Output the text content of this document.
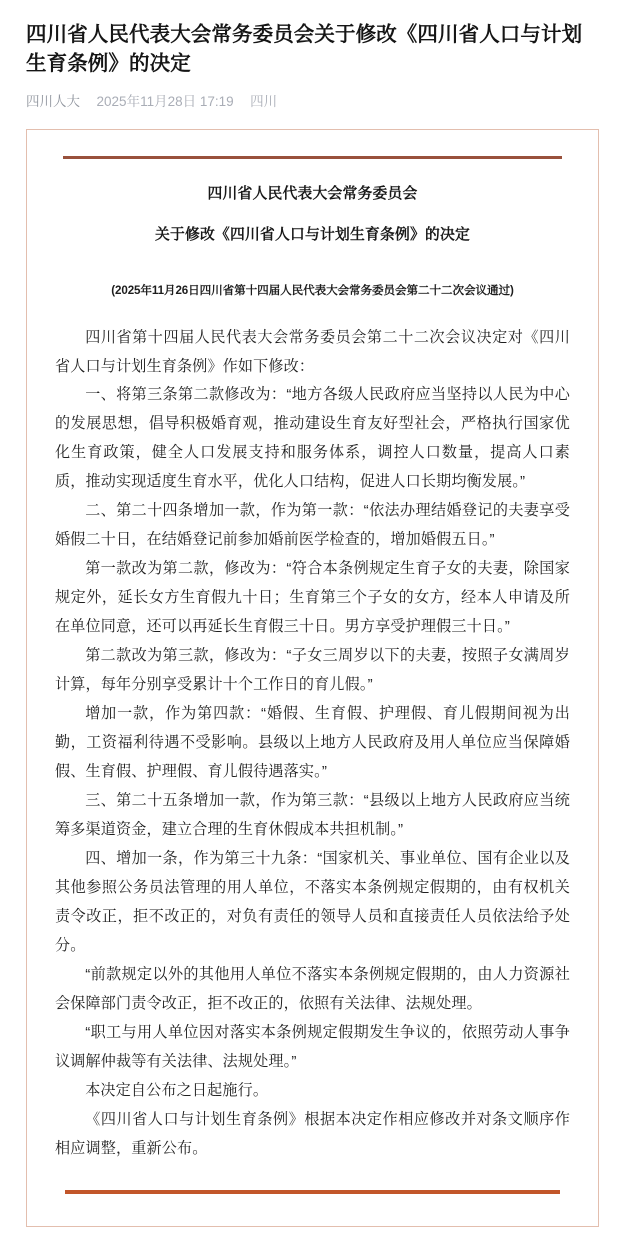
四川省人民代表大会常务委员会关于修改《四川省人口与计划生育条例》的决定
四川人大 2025年11月28日 17:19 四川
四川省人民代表大会常务委员会
关于修改《四川省人口与计划生育条例》的决定
(2025年11月26日四川省第十四届人民代表大会常务委员会第二十二次会议通过)

四川省第十四届人民代表大会常务委员会第二十二次会议决定对《四川省人口与计划生育条例》作如下修改：

一、将第三条第二款修改为：“地方各级人民政府应当坚持以人民为中心的发展思想，倡导积极婚育观，推动建设生育友好型社会，严格执行国家优化生育政策，健全人口发展支持和服务体系，调控人口数量，提高人口素质，推动实现适度生育水平，优化人口结构，促进人口长期均衡发展。”

二、第二十四条增加一款，作为第一款：“依法办理结婚登记的夫妻享受婚假二十日，在结婚登记前参加婚前医学检查的，增加婚假五日。”

第一款改为第二款，修改为：“符合本条例规定生育子女的夫妻，除国家规定外，延长女方生育假九十日；生育第三个子女的女方，经本人申请及所在单位同意，还可以再延长生育假三十日。男方享受护理假三十日。”

第二款改为第三款，修改为：“子女三周岁以下的夫妻，按照子女满周岁计算，每年分别享受累计十个工作日的育儿假。”

增加一款，作为第四款：“婚假、生育假、护理假、育儿假期间视为出勤，工资福利待遇不受影响。县级以上地方人民政府及用人单位应当保障婚假、生育假、护理假、育儿假待遇落实。”

三、第二十五条增加一款，作为第三款：“县级以上地方人民政府应当统筹多渠道资金，建立合理的生育休假成本共担机制。”

四、增加一条，作为第三十九条：“国家机关、事业单位、国有企业以及其他参照公务员法管理的用人单位，不落实本条例规定假期的，由有权机关责令改正，拒不改正的，对负有责任的领导人员和直接责任人员依法给予处分。

“前款规定以外的其他用人单位不落实本条例规定假期的，由人力资源社会保障部门责令改正，拒不改正的，依照有关法律、法规处理。

“职工与用人单位因对落实本条例规定假期发生争议的，依照劳动人事争议调解仲裁等有关法律、法规处理。”

本决定自公布之日起施行。

《四川省人口与计划生育条例》根据本决定作相应修改并对条文顺序作相应调整，重新公布。
